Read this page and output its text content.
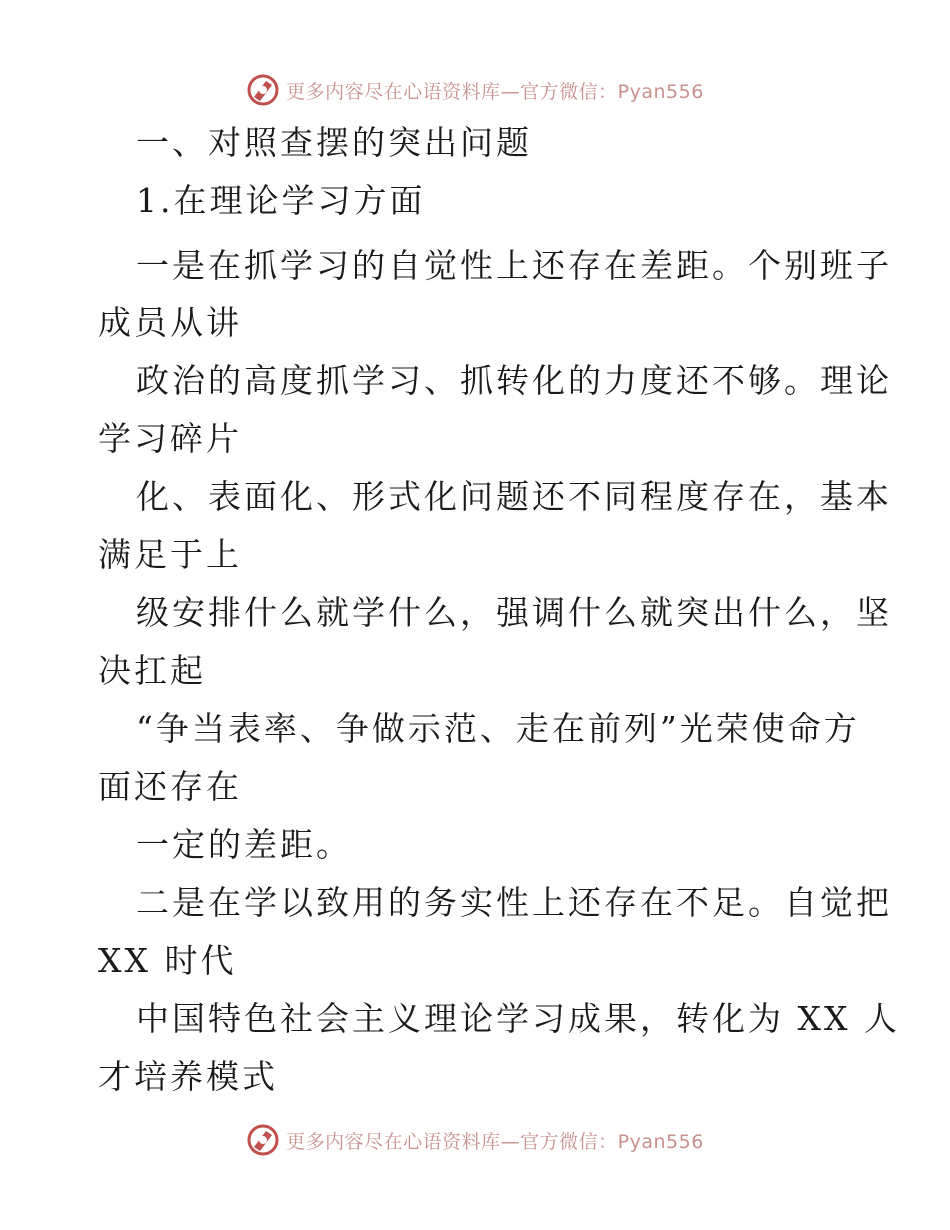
更多内容尽在心语资料库—官方微信：Pyan556
一、对照查摆的突出问题
1.在理论学习方面
一是在抓学习的自觉性上还存在差距。个别班子
成员从讲
政治的高度抓学习、抓转化的力度还不够。理论
学习碎片
化、表面化、形式化问题还不同程度存在，基本
满足于上
级安排什么就学什么，强调什么就突出什么，坚
决扛起
“争当表率、争做示范、走在前列”光荣使命方
面还存在
一定的差距。
二是在学以致用的务实性上还存在不足。自觉把
XX 时代
中国特色社会主义理论学习成果，转化为 XX 人
才培养模式
更多内容尽在心语资料库—官方微信：Pyan556
